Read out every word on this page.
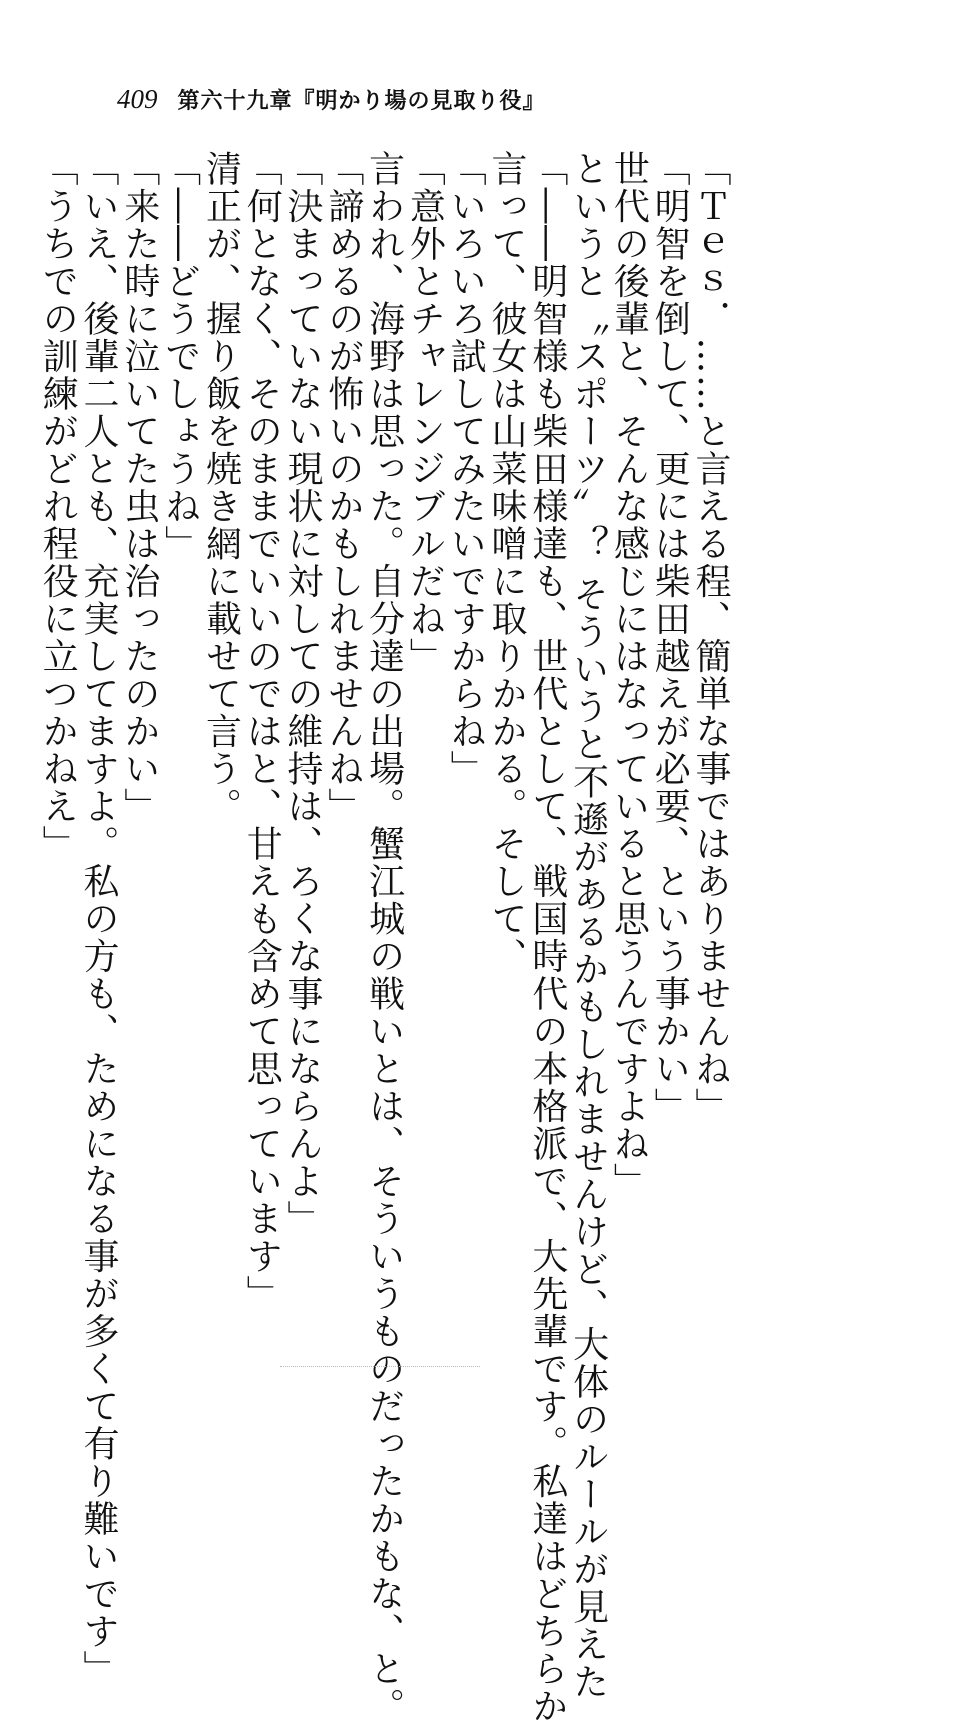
409 第六十九章『明かり場の見取り役』
「Ｔｅｓ．……と言える程、簡単な事ではありませんね」
「明智を倒して、更には柴田越えが必要、という事かい」
世代の後輩と、そんな感じにはなっていると思うんですよね」
というと〝スポーツ〟？ そういうと不遜があるかもしれませんけど、大体のルールが見えた
「――明智様も柴田様達も、世代として、戦国時代の本格派で、大先輩です。私達はどちらか
言って、彼女は山菜味噌に取りかかる。そして、
「いろいろ試してみたいですからね」
「意外とチャレンジブルだね」
言われ、海野は思った。自分達の出場。蟹江城の戦いとは、そういうものだったかもな、と。
「諦めるのが怖いのかもしれませんね」
「決まっていない現状に対しての維持は、ろくな事にならんよ」
「何となく、そのままでいいのではと、甘えも含めて思っています」
清正が、握り飯を焼き網に載せて言う。
「――どうでしょうね」
「来た時に泣いてた虫は治ったのかい」
「いえ、後輩二人とも、充実してますよ。私の方も、ためになる事が多くて有り難いです」
「うちでの訓練がどれ程役に立つかねえ」
